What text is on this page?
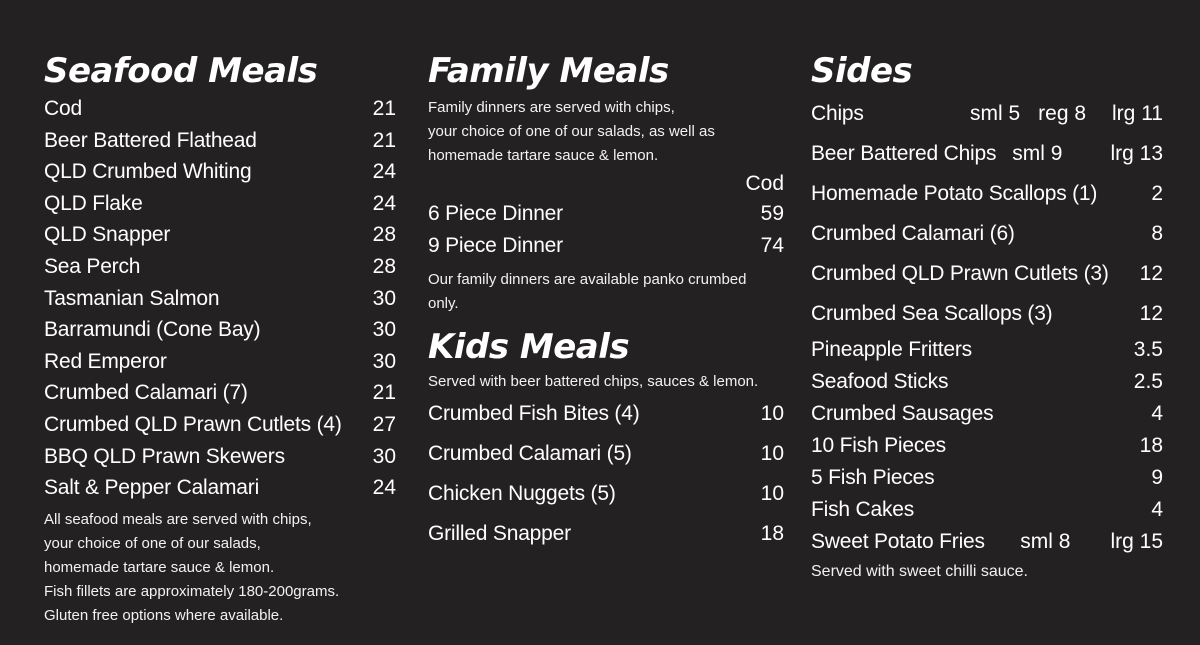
Seafood Meals
Cod	21
Beer Battered Flathead	21
QLD Crumbed Whiting	24
QLD Flake	24
QLD Snapper	28
Sea Perch	28
Tasmanian Salmon	30
Barramundi (Cone Bay)	30
Red Emperor	30
Crumbed Calamari (7)	21
Crumbed QLD Prawn Cutlets (4) 27
BBQ QLD Prawn Skewers	30
Salt & Pepper Calamari	24

All seafood meals are served with chips,

your choice of one of our salads,

homemade tartare sauce & lemon.

Fish fillets are approximately 180-200grams.

Gluten free options where available.

Family Meals

Family dinners are served with chips,

your choice of one of our salads, as well as

homemade tartare sauce & lemon.

Cod
6 Piece Dinner	59
9 Piece Dinner	74

Our family dinners are available panko crumbed

only.

Kids Meals

Served with beer battered chips, sauces & lemon.

Crumbed Fish Bites (4)	10
Crumbed Calamari (5)	10
Chicken Nuggets (5)	10
Grilled Snapper	18
Sides
Chips	sml 5 reg 8 lrg 11
Beer Battered Chips sml 9 lrg 13
Homemade Potato Scallops (1)	2
Crumbed Calamari (6)	8
Crumbed QLD Prawn Cutlets (3) 12
Crumbed Sea Scallops (3)	12
Pineapple Fritters	3.5
Seafood Sticks	2.5
Crumbed Sausages	4
10 Fish Pieces	18
5 Fish Pieces	9
Fish Cakes	4
Sweet Potato Fries sml 8 lrg 15

Served with sweet chilli sauce.
